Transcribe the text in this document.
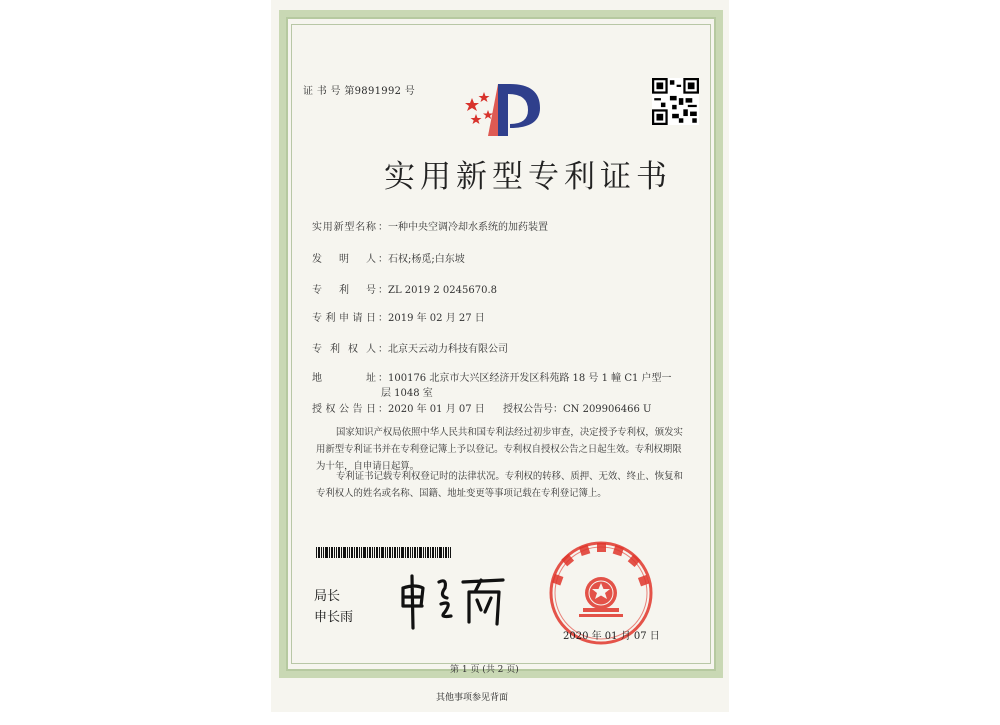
证 书 号 第9891992 号
实用新型专利证书
实用新型名称 ：一种中央空调冷却水系统的加药装置
发 明 人 ：石权;杨觅;白东坡
专 利 号 ：ZL 2019 2 0245670.8
专利申请日 ：2019 年 02 月 27 日
专 利 权 人 ：北京天云动力科技有限公司
地 址 ：100176 北京市大兴区经济开发区科苑路 18 号 1 幢 C1 户型一
层 1048 室
授权公告日 ：2020 年 01 月 07 日 授权公告号：CN 209906466 U
国家知识产权局依照中华人民共和国专利法经过初步审查，决定授予专利权，颁发实用新型专利证书并在专利登记簿上予以登记。专利权自授权公告之日起生效。专利权期限为十年，自申请日起算。
专利证书记载专利权登记时的法律状况。专利权的转移、质押、无效、终止、恢复和专利权人的姓名或名称、国籍、地址变更等事项记载在专利登记簿上。
局长
申长雨
2020 年 01 月 07 日
第 1 页 (共 2 页)
其他事项参见背面
